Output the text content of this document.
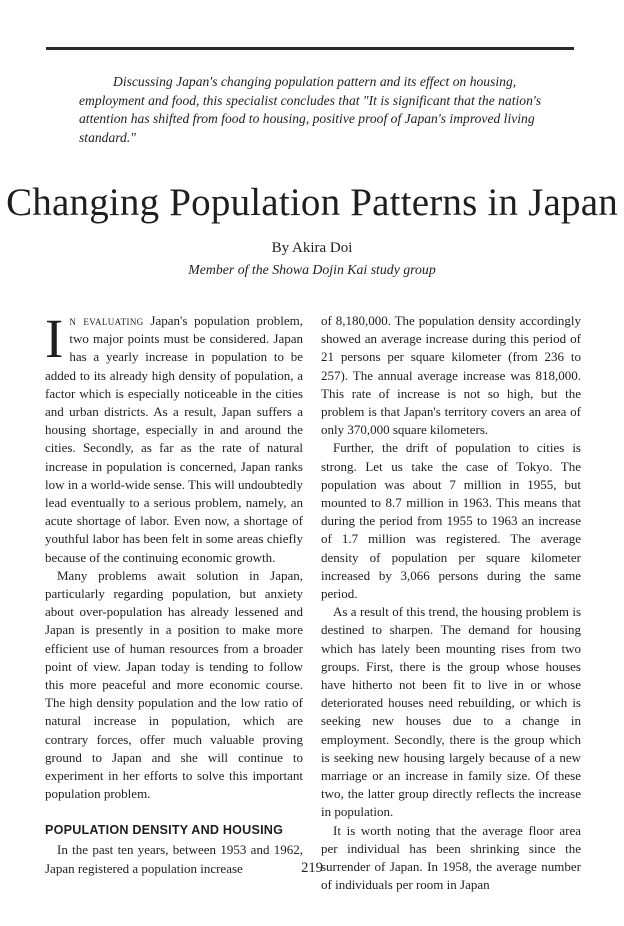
Discussing Japan's changing population pattern and its effect on housing, employment and food, this specialist concludes that "It is significant that the nation's attention has shifted from food to housing, positive proof of Japan's improved living standard."

Changing Population Patterns in Japan

By Akira Doi

Member of the Showa Dojin Kai study group

In evaluating Japan's population problem, two major points must be considered. Japan has a yearly increase in population to be added to its already high density of population, a factor which is especially noticeable in the cities and urban districts. As a result, Japan suffers a housing shortage, especially in and around the cities. Secondly, as far as the rate of natural increase in population is concerned, Japan ranks low in a world-wide sense. This will undoubtedly lead eventually to a serious problem, namely, an acute shortage of labor. Even now, a shortage of youthful labor has been felt in some areas chiefly because of the continuing economic growth.

Many problems await solution in Japan, particularly regarding population, but anxiety about over-population has already lessened and Japan is presently in a position to make more efficient use of human resources from a broader point of view. Japan today is tending to follow this more peaceful and more economic course. The high density population and the low ratio of natural increase in population, which are contrary forces, offer much valuable proving ground to Japan and she will continue to experiment in her efforts to solve this important population problem.

POPULATION DENSITY AND HOUSING

In the past ten years, between 1953 and 1962, Japan registered a population increase

of 8,180,000. The population density accordingly showed an average increase during this period of 21 persons per square kilometer (from 236 to 257). The annual average increase was 818,000. This rate of increase is not so high, but the problem is that Japan's territory covers an area of only 370,000 square kilometers.

Further, the drift of population to cities is strong. Let us take the case of Tokyo. The population was about 7 million in 1955, but mounted to 8.7 million in 1963. This means that during the period from 1955 to 1963 an increase of 1.7 million was registered. The average density of population per square kilometer increased by 3,066 persons during the same period.

As a result of this trend, the housing problem is destined to sharpen. The demand for housing which has lately been mounting rises from two groups. First, there is the group whose houses have hitherto not been fit to live in or whose deteriorated houses need rebuilding, or which is seeking new houses due to a change in employment. Secondly, there is the group which is seeking new housing largely because of a new marriage or an increase in family size. Of these two, the latter group directly reflects the increase in population.

It is worth noting that the average floor area per individual has been shrinking since the surrender of Japan. In 1958, the average number of individuals per room in Japan

219
